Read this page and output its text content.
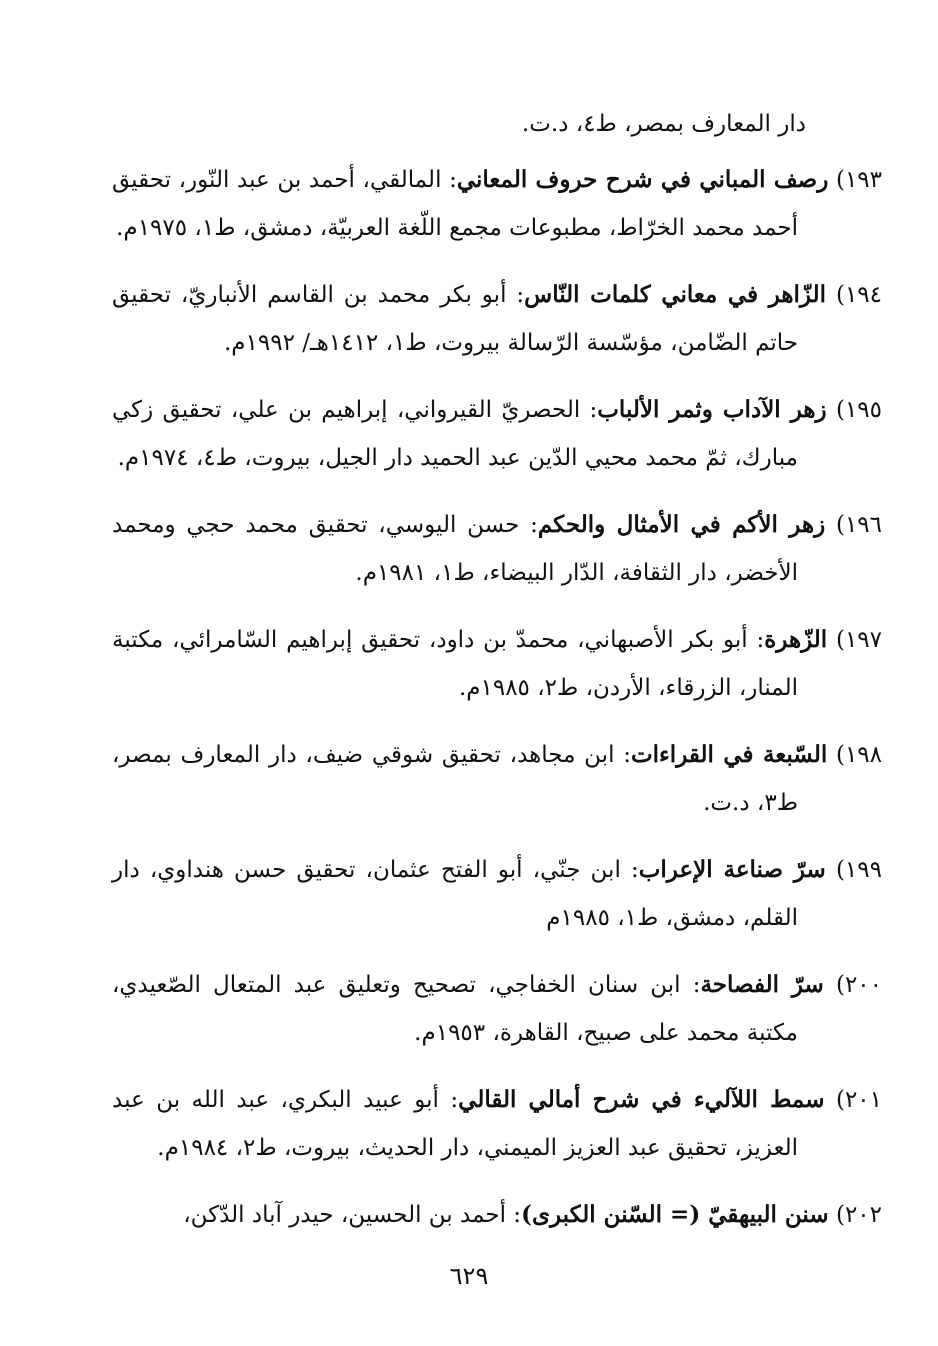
دار المعارف بمصر، ط٤، د.ت.

١٩٣ ) رصف المباني في شرح حروف المعاني: المالقي، أحمد بن عبد النّور، تحقيق أحمد محمد الخرّاط، مطبوعات مجمع اللّغة العربيّة، دمشق، ط١، ١٩٧٥م.

١٩٤ ) الزّاهر في معاني كلمات النّاس: أبو بكر محمد بن القاسم الأنباريّ، تحقيق حاتم الضّامن، مؤسّسة الرّسالة بيروت، ط١، ١٤١٢هـ/ ١٩٩٢م.

١٩٥ ) زهر الآداب وثمر الألباب: الحصريّ القيرواني، إبراهيم بن علي، تحقيق زكي مبارك، ثمّ محمد محيي الدّين عبد الحميد دار الجيل، بيروت، ط٤، ١٩٧٤م.

١٩٦ ) زهر الأكم في الأمثال والحكم: حسن اليوسي، تحقيق محمد حجي ومحمد الأخضر، دار الثقافة، الدّار البيضاء، ط١، ١٩٨١م.

١٩٧ ) الزّهرة: أبو بكر الأصبهاني، محمدّ بن داود، تحقيق إبراهيم السّامرائي، مكتبة المنار، الزرقاء، الأردن، ط٢، ١٩٨٥م.

١٩٨ ) السّبعة في القراءات: ابن مجاهد، تحقيق شوقي ضيف، دار المعارف بمصر، ط٣، د.ت.

١٩٩ ) سرّ صناعة الإعراب: ابن جنّي، أبو الفتح عثمان، تحقيق حسن هنداوي، دار القلم، دمشق، ط١، ١٩٨٥م

٢٠٠ ) سرّ الفصاحة: ابن سنان الخفاجي، تصحيح وتعليق عبد المتعال الصّعيدي، مكتبة محمد على صبيح، القاهرة، ١٩٥٣م.

٢٠١ ) سمط اللآليء في شرح أمالي القالي: أبو عبيد البكري، عبد الله بن عبد العزيز، تحقيق عبد العزيز الميمني، دار الحديث، بيروت، ط٢، ١٩٨٤م.

٢٠٢ ) سنن البيهقيّ (= السّنن الكبرى): أحمد بن الحسين، حيدر آباد الدّكن،

٦٢٩
